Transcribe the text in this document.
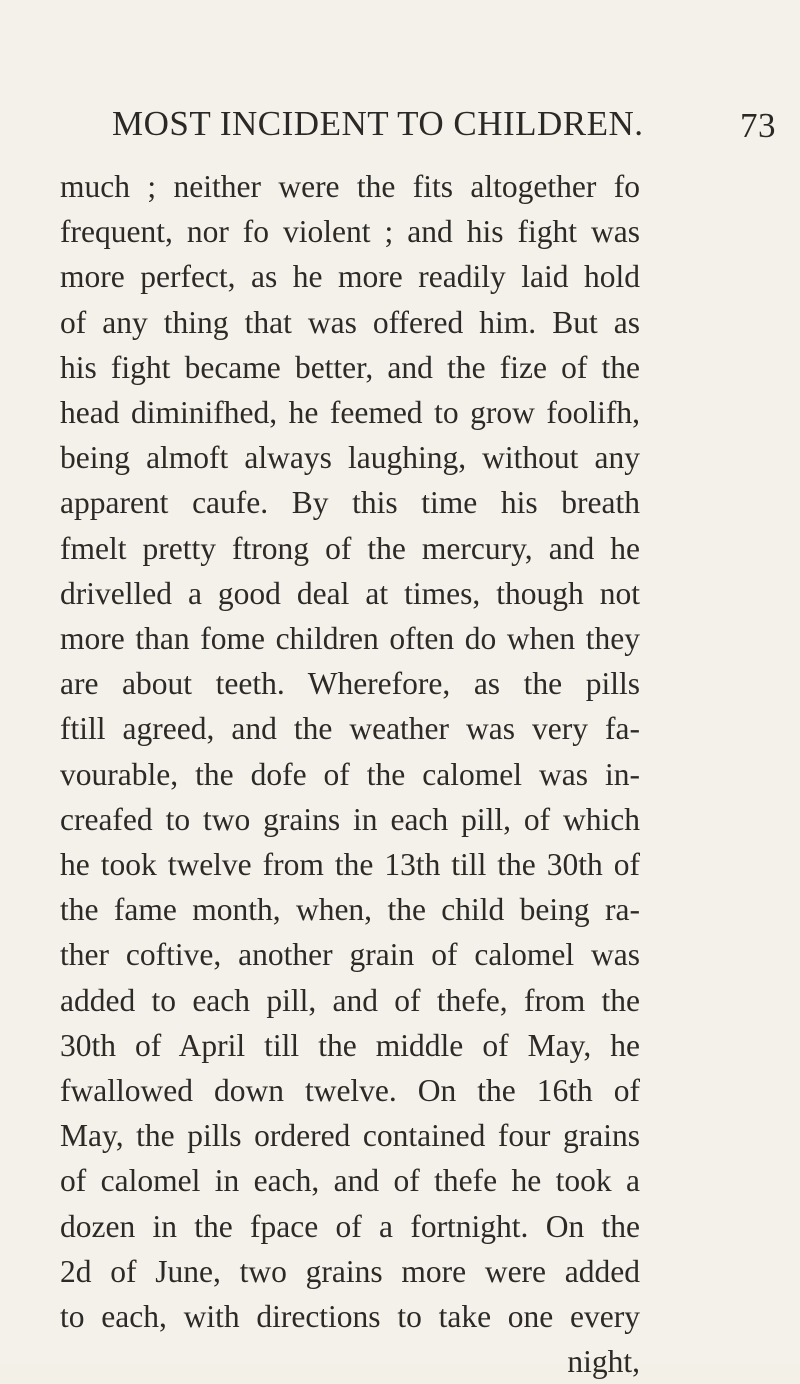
MOST INCIDENT TO CHILDREN.	73
much ; neither were the fits altogether fo
frequent, nor fo violent ; and his fight was
more perfect, as he more readily laid hold
of any thing that was offered him. But as
his fight became better, and the fize of the
head diminifhed, he feemed to grow foolifh,
being almoft always laughing, without any
apparent caufe. By this time his breath
fmelt pretty ftrong of the mercury, and he
drivelled a good deal at times, though not
more than fome children often do when they
are about teeth. Wherefore, as the pills
ftill agreed, and the weather was very fa-
vourable, the dofe of the calomel was in-
creafed to two grains in each pill, of which
he took twelve from the 13th till the 30th of
the fame month, when, the child being ra-
ther coftive, another grain of calomel was
added to each pill, and of thefe, from the
30th of April till the middle of May, he
fwallowed down twelve. On the 16th of
May, the pills ordered contained four grains
of calomel in each, and of thefe he took a
dozen in the fpace of a fortnight. On the
2d of June, two grains more were added
to each, with directions to take one every
night,
